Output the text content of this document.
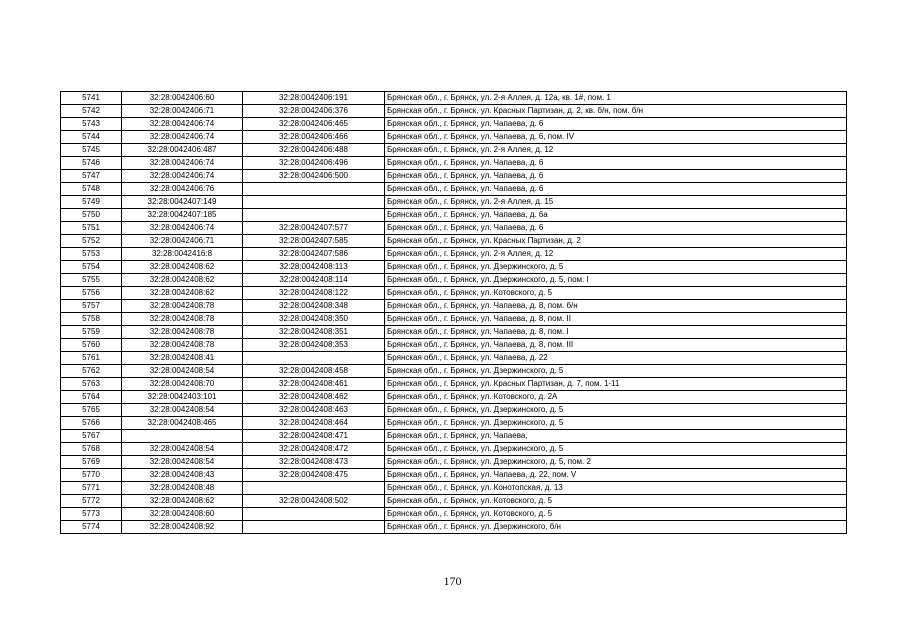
5741	32:28:0042406:60	32:28:0042406:191	Брянская обл., г. Брянск, ул. 2-я Аллея, д. 12а, кв. 1#, пом. 1
5742	32:28:0042406:71	32:28:0042406:376	Брянская обл., г. Брянск, ул. Красных Партизан, д. 2, кв. б/н, пом. б/н
5743	32:28:0042406:74	32:28:0042406:465	Брянская обл., г. Брянск, ул. Чапаева, д. 6
5744	32:28:0042406:74	32:28:0042406:466	Брянская обл., г. Брянск, ул. Чапаева, д. 6, пом. IV
5745	32:28:0042406:487	32:28:0042406:488	Брянская обл., г. Брянск, ул. 2-я Аллея, д. 12
5746	32:28:0042406:74	32:28:0042406:496	Брянская обл., г. Брянск, ул. Чапаева, д. 6
5747	32:28:0042406:74	32:28:0042406:500	Брянская обл., г. Брянск, ул. Чапаева, д. 6
5748	32:28:0042406:76		Брянская обл., г. Брянск, ул. Чапаева, д. 6
5749	32:28:0042407:149		Брянская обл., г. Брянск, ул. 2-я Аллея, д. 15
5750	32:28:0042407:185		Брянская обл., г. Брянск, ул. Чапаева, д. 6а
5751	32:28:0042406:74	32:28:0042407:577	Брянская обл., г. Брянск, ул. Чапаева, д. 6
5752	32:28:0042406:71	32:28:0042407:585	Брянская обл., г. Брянск, ул. Красных Партизан, д. 2
5753	32:28:0042416:8	32:28:0042407:586	Брянская обл., г. Брянск, ул. 2-я Аллея, д. 12
5754	32:28:0042408:62	32:28:0042408:113	Брянская обл., г. Брянск, ул. Дзержинского, д. 5
5755	32:28:0042408:62	32:28:0042408:114	Брянская обл., г. Брянск, ул. Дзержинского, д. 5, пом. I
5756	32:28:0042408:62	32:28:0042408:122	Брянская обл., г. Брянск, ул. Котовского, д. 5
5757	32:28:0042408:78	32:28:0042408:348	Брянская обл., г. Брянск, ул. Чапаева, д. 8, пом. б/н
5758	32:28:0042408:78	32:28:0042408:350	Брянская обл., г. Брянск, ул. Чапаева, д. 8, пом. II
5759	32:28:0042408:78	32:28:0042408:351	Брянская обл., г. Брянск, ул. Чапаева, д. 8, пом. I
5760	32:28:0042408:78	32:28:0042408:353	Брянская обл., г. Брянск, ул. Чапаева, д. 8, пом. III
5761	32:28:0042408:41		Брянская обл., г. Брянск, ул. Чапаева, д. 22
5762	32:28:0042408:54	32:28:0042408:458	Брянская обл., г. Брянск, ул. Дзержинского, д. 5
5763	32:28:0042408:70	32:28:0042408:461	Брянская обл., г. Брянск, ул. Красных Партизан, д. 7, пом. 1-11
5764	32:28:0042403:101	32:28:0042408:462	Брянская обл., г. Брянск, ул. Котовского, д. 2А
5765	32:28:0042408:54	32:28:0042408:463	Брянская обл., г. Брянск, ул. Дзержинского, д. 5
5766	32:28:0042408:465	32:28:0042408:464	Брянская обл., г. Брянск, ул. Дзержинского, д. 5
5767		32:28:0042408:471	Брянская обл., г. Брянск, ул. Чапаева,
5768	32:28:0042408:54	32:28:0042408:472	Брянская обл., г. Брянск, ул. Дзержинского, д. 5
5769	32:28:0042408:54	32:28:0042408:473	Брянская обл., г. Брянск, ул. Дзержинского, д. 5, пом. 2
5770	32:28:0042408:43	32:28:0042408:475	Брянская обл., г. Брянск, ул. Чапаева, д. 22, пом. V
5771	32:28:0042408:48		Брянская обл., г. Брянск, ул. Конотопская, д. 13
5772	32:28:0042408:62	32:28:0042408:502	Брянская обл., г. Брянск, ул. Котовского, д. 5
5773	32:28:0042408:60		Брянская обл., г. Брянск, ул. Котовского, д. 5
5774	32:28:0042408:92		Брянская обл., г. Брянск, ул. Дзержинского, б/н
170
